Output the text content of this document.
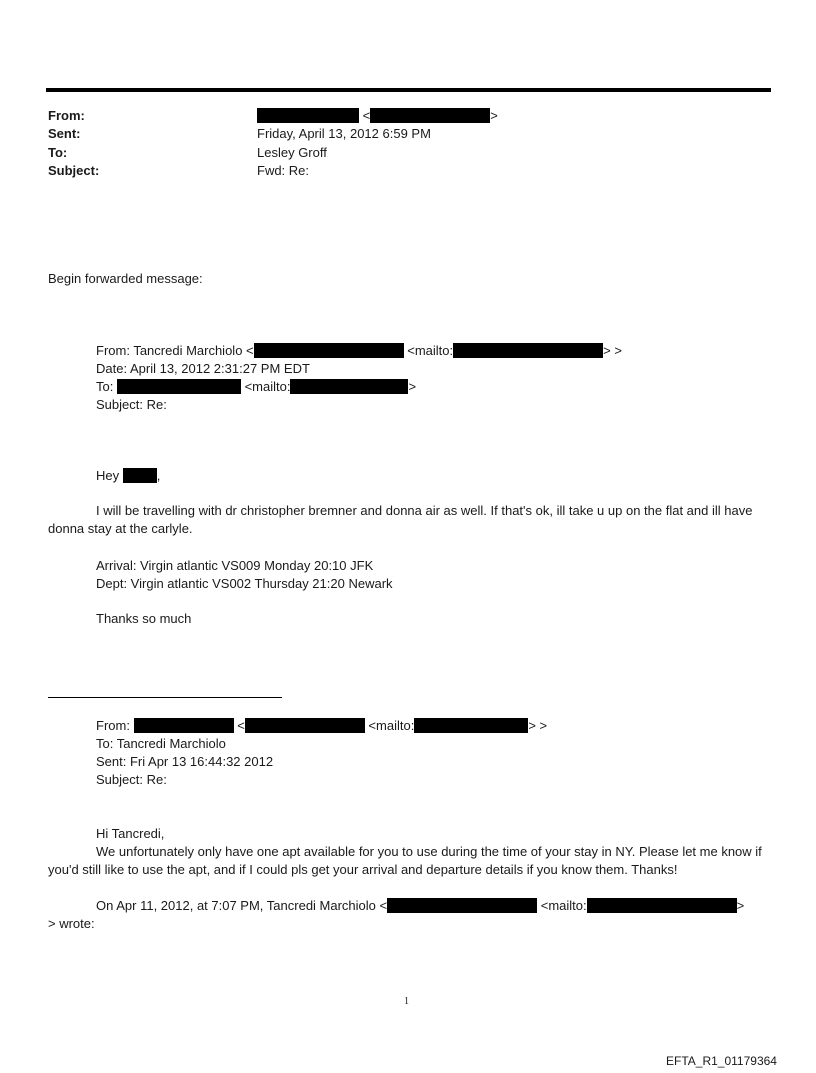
From:	<	>
Sent:	Friday, April 13, 2012 6:59 PM
To:	Lesley Groff
Subject:	Fwd: Re:
Begin forwarded message:
From: Tancredi Marchiolo <	<mailto:	> >
Date: April 13, 2012 2:31:27 PM EDT
To:	<mailto:	>
Subject: Re:
Hey	,
I will be travelling with dr christopher bremner and donna air as well. If that's ok, ill take u up on the flat and ill have donna stay at the carlyle.
Arrival: Virgin atlantic VS009 Monday 20:10 JFK
Dept: Virgin atlantic VS002 Thursday 21:20 Newark
Thanks so much
From:	<	<mailto:	> >
To: Tancredi Marchiolo
Sent: Fri Apr 13 16:44:32 2012
Subject: Re:
Hi Tancredi,
We unfortunately only have one apt available for you to use during the time of your stay in NY. Please let me know if you'd still like to use the apt, and if I could pls get your arrival and departure details if you know them. Thanks!
On Apr 11, 2012, at 7:07 PM, Tancredi Marchiolo <	<mailto:	>
> wrote:
1
EFTA_R1_01179364
